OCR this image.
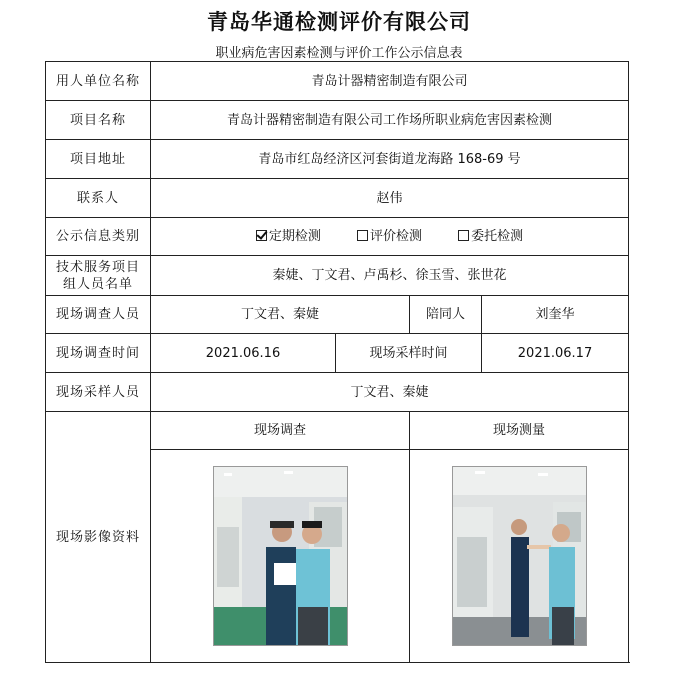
青岛华通检测评价有限公司
职业病危害因素检测与评价工作公示信息表
用人单位名称	青岛计器精密制造有限公司			
项目名称	青岛计器精密制造有限公司工作场所职业病危害因素检测			
项目地址	青岛市红岛经济区河套街道龙海路 168-69 号			
联系人	赵伟			
公示信息类别	定期检测 评价检测 委托检测			
技术服务项目组人员名单	秦婕、丁文君、卢禹杉、徐玉雪、张世花			
现场调查人员	丁文君、秦婕		陪同人	刘奎华
现场调查时间	2021.06.16	现场采样时间		2021.06.17
现场采样人员	丁文君、秦婕			
现场影像资料	现场调查		现场测量	
